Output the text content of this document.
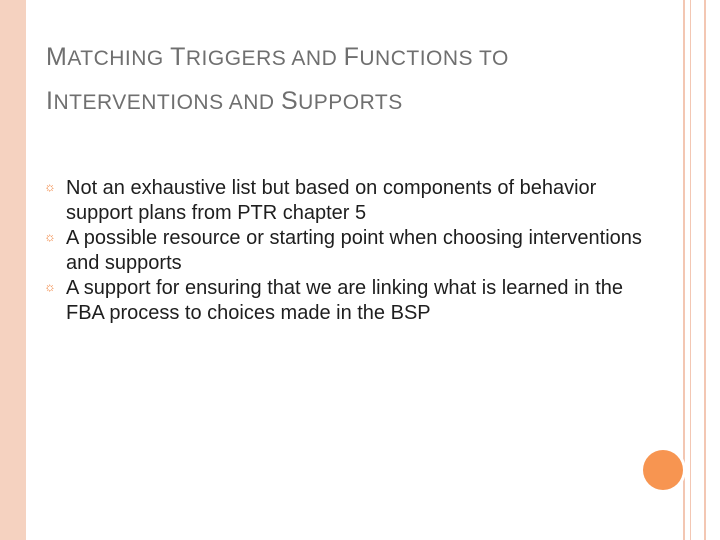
MATCHING TRIGGERS AND FUNCTIONS TO
INTERVENTIONS AND SUPPORTS
☼ Not an exhaustive list but based on components of behavior support plans from PTR chapter 5
☼ A possible resource or starting point when choosing interventions and supports
☼ A support for ensuring that we are linking what is learned in the FBA process to choices made in the BSP
